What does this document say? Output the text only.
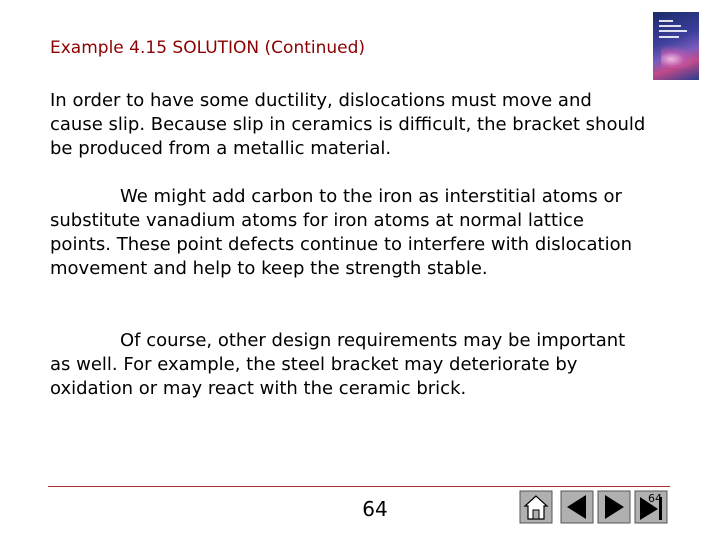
Example 4.15 SOLUTION (Continued)

In order to have some ductility, dislocations must move and cause slip. Because slip in ceramics is difficult, the bracket should be produced from a metallic material.

We might add carbon to the iron as interstitial atoms or substitute vanadium atoms for iron atoms at normal lattice points. These point defects continue to interfere with dislocation movement and help to keep the strength stable.

Of course, other design requirements may be important as well. For example, the steel bracket may deteriorate by oxidation or may react with the ceramic brick.

64	64
